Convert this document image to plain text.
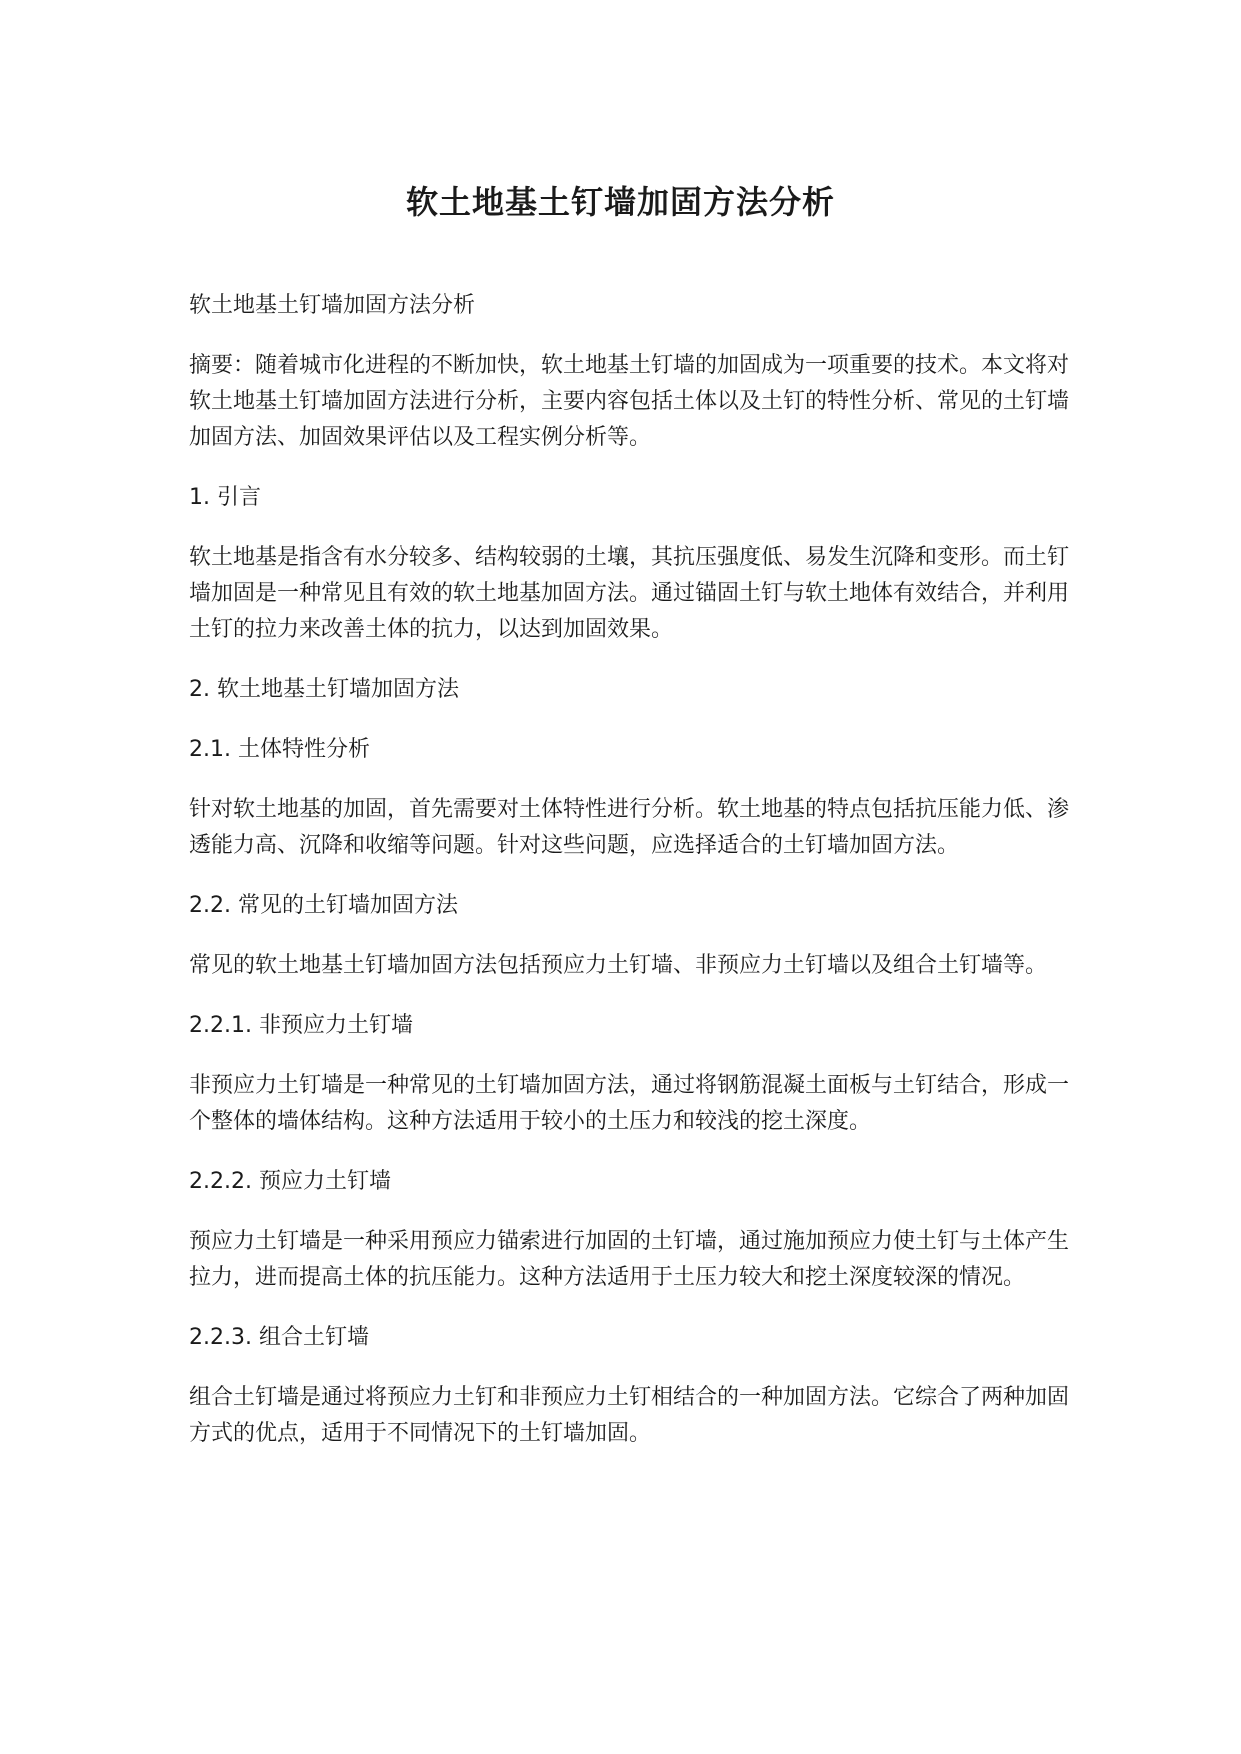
软土地基土钉墙加固方法分析

软土地基土钉墙加固方法分析

摘要：随着城市化进程的不断加快，软土地基土钉墙的加固成为一项重要的技术。本文将对软土地基土钉墙加固方法进行分析，主要内容包括土体以及土钉的特性分析、常见的土钉墙加固方法、加固效果评估以及工程实例分析等。

1. 引言

软土地基是指含有水分较多、结构较弱的土壤，其抗压强度低、易发生沉降和变形。而土钉墙加固是一种常见且有效的软土地基加固方法。通过锚固土钉与软土地体有效结合，并利用土钉的拉力来改善土体的抗力，以达到加固效果。

2. 软土地基土钉墙加固方法

2.1. 土体特性分析

针对软土地基的加固，首先需要对土体特性进行分析。软土地基的特点包括抗压能力低、渗透能力高、沉降和收缩等问题。针对这些问题，应选择适合的土钉墙加固方法。

2.2. 常见的土钉墙加固方法

常见的软土地基土钉墙加固方法包括预应力土钉墙、非预应力土钉墙以及组合土钉墙等。

2.2.1. 非预应力土钉墙

非预应力土钉墙是一种常见的土钉墙加固方法，通过将钢筋混凝土面板与土钉结合，形成一个整体的墙体结构。这种方法适用于较小的土压力和较浅的挖土深度。

2.2.2. 预应力土钉墙

预应力土钉墙是一种采用预应力锚索进行加固的土钉墙，通过施加预应力使土钉与土体产生拉力，进而提高土体的抗压能力。这种方法适用于土压力较大和挖土深度较深的情况。

2.2.3. 组合土钉墙

组合土钉墙是通过将预应力土钉和非预应力土钉相结合的一种加固方法。它综合了两种加固方式的优点，适用于不同情况下的土钉墙加固。
